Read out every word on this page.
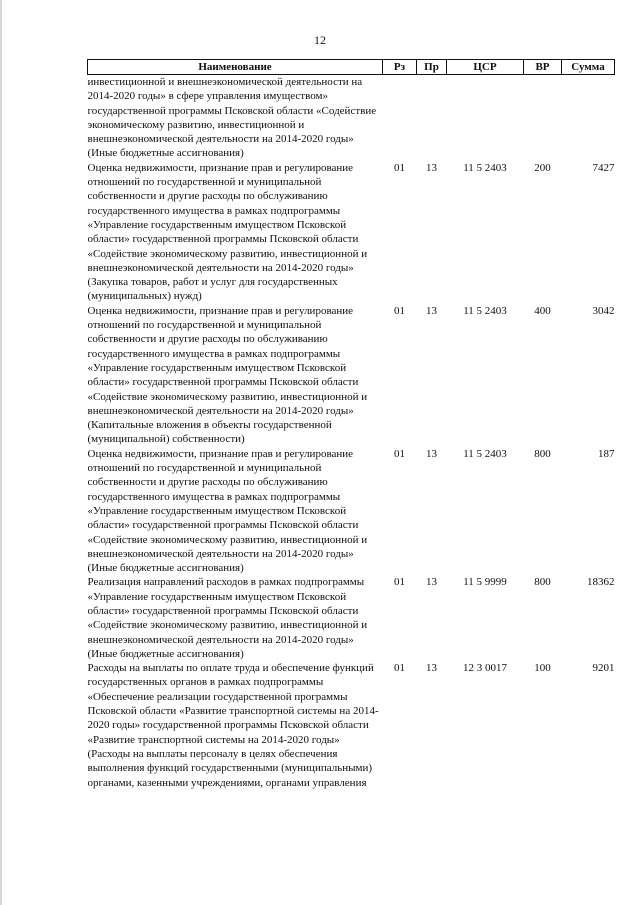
12
Наименование	Рз	Пр	ЦСР	ВР	Сумма
инвестиционной и внешнеэкономической деятельности на 2014-2020 годы» в сфере управления имуществом» государственной программы Псковской области «Содействие экономическому развитию, инвестиционной и внешнеэкономической деятельности на 2014-2020 годы» (Иные бюджетные ассигнования)					
Оценка недвижимости, признание прав и регулирование отношений по государственной и муниципальной собственности и другие расходы по обслуживанию государственного имущества в рамках подпрограммы «Управление государственным имуществом Псковской области» государственной программы Псковской области «Содействие экономическому развитию, инвестиционной и внешнеэкономической деятельности на 2014-2020 годы» (Закупка товаров, работ и услуг для государственных (муниципальных) нужд)	01	13	11 5 2403	200	7427
Оценка недвижимости, признание прав и регулирование отношений по государственной и муниципальной собственности и другие расходы по обслуживанию государственного имущества в рамках подпрограммы «Управление государственным имуществом Псковской области» государственной программы Псковской области «Содействие экономическому развитию, инвестиционной и внешнеэкономической деятельности на 2014-2020 годы» (Капитальные вложения в объекты государственной (муниципальной) собственности)	01	13	11 5 2403	400	3042
Оценка недвижимости, признание прав и регулирование отношений по государственной и муниципальной собственности и другие расходы по обслуживанию государственного имущества в рамках подпрограммы «Управление государственным имуществом Псковской области» государственной программы Псковской области «Содействие экономическому развитию, инвестиционной и внешнеэкономической деятельности на 2014-2020 годы» (Иные бюджетные ассигнования)	01	13	11 5 2403	800	187
Реализация направлений расходов в рамках подпрограммы «Управление государственным имуществом Псковской области» государственной программы Псковской области «Содействие экономическому развитию, инвестиционной и внешнеэкономической деятельности на 2014-2020 годы» (Иные бюджетные ассигнования)	01	13	11 5 9999	800	18362
Расходы на выплаты по оплате труда и обеспечение функций государственных органов в рамках подпрограммы «Обеспечение реализации государственной программы Псковской области «Развитие транспортной системы на 2014-2020 годы» государственной программы Псковской области «Развитие транспортной системы на 2014-2020 годы» (Расходы на выплаты персоналу в целях обеспечения выполнения функций государственными (муниципальными) органами, казенными учреждениями, органами управления	01	13	12 3 0017	100	9201
